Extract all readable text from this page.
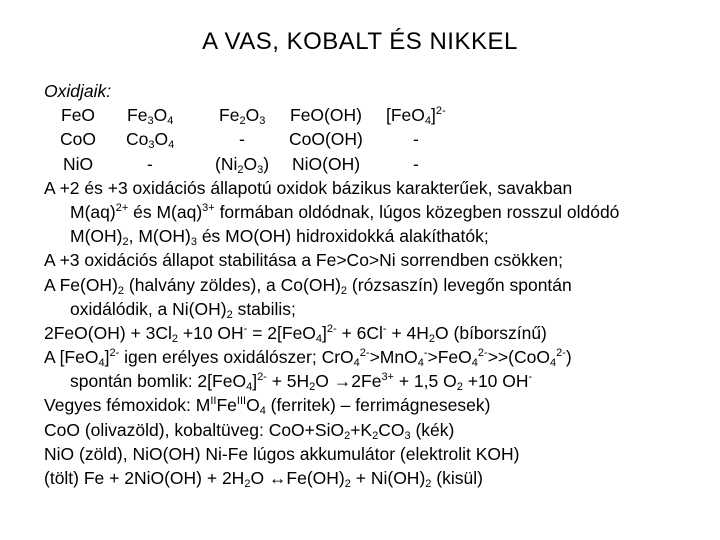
A VAS, KOBALT ÉS NIKKEL
Oxidjaik:
FeO $Fe_3O_4$	$Fe_2O_3$ FeO(OH) $[FeO_4]^{2-}$
CoO $Co_3O_4$	-	CoO(OH)	-
NiO	-	$(Ni_2O_3)$ NiO(OH)	-
A +2 és +3 oxidációs állapotú oxidok bázikus karakterűek, savakban
M(aq)$^{2+}$ és M(aq)$^{3+}$ formában oldódnak, lúgos közegben rosszul oldódó
$M(OH)_2$, $M(OH)_3$ és MO(OH) hidroxidokká alakíthatók;
A +3 oxidációs állapot stabilitása a Fe>Co>Ni sorrendben csökken;
A $Fe(OH)_2$ (halvány zöldes), a $Co(OH)_2$ (rózsaszín) levegőn spontán
oxidálódik, a $Ni(OH)_2$ stabilis;
$2FeO(OH) + 3Cl_2 +10$ $OH^- = 2[FeO_4]^{2-} + 6Cl^- + 4H_2O$ (bíborszínű)
A $[FeO_4]^{2-}$ igen erélyes oxidálószer; CrO$_4^{2-}$>MnO$_4$->FeO$_4^{2-}$>>(CoO$_4^{2-}$)
spontán bomlik: $2[FeO_4]^{2-} + 5H_2O \to 2Fe^{3+} + 1,5$ $O_2 +10$ OH-
Vegyes fémoxidok: $M^{II}Fe^{III}O_4$ (ferritek) – ferrimágnesesek)
CoO (olivazöld), kobaltüveg: $CoO+SiO_2+K_2CO_3$ (kék)
NiO (zöld), NiO(OH) Ni-Fe lúgos akkumulátor (elektrolit KOH)
(tölt) $Fe + 2NiO(OH) + 2H_2O$ $\leftrightarrow Fe(OH)_2 + Ni(OH)_2$ (kisül)
